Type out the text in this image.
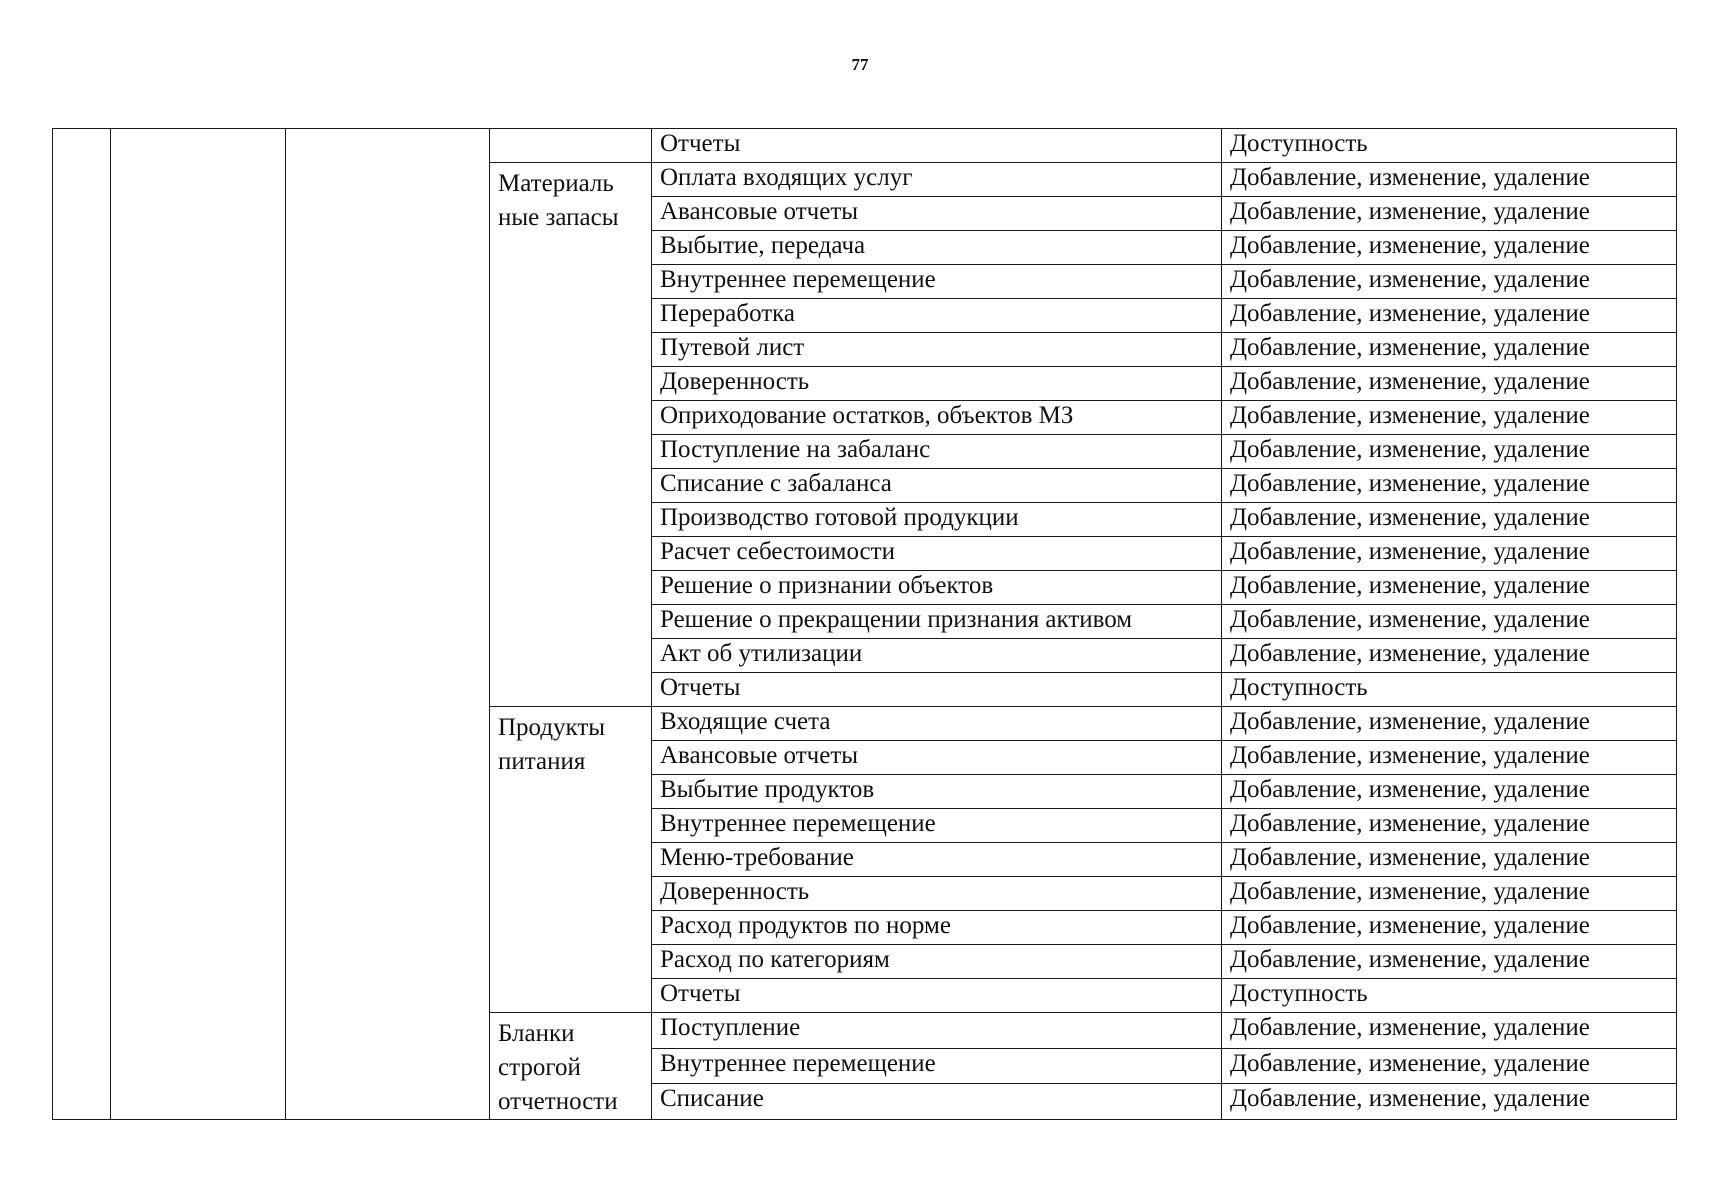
77
				Отчеты	Доступность
			Материаль ные запасы	Оплата входящих услуг	Добавление, изменение, удаление
				Авансовые отчеты	Добавление, изменение, удаление
				Выбытие, передача	Добавление, изменение, удаление
				Внутреннее перемещение	Добавление, изменение, удаление
				Переработка	Добавление, изменение, удаление
				Путевой лист	Добавление, изменение, удаление
				Доверенность	Добавление, изменение, удаление
				Оприходование остатков, объектов МЗ	Добавление, изменение, удаление
				Поступление на забаланс	Добавление, изменение, удаление
				Списание с забаланса	Добавление, изменение, удаление
				Производство готовой продукции	Добавление, изменение, удаление
				Расчет себестоимости	Добавление, изменение, удаление
				Решение о признании объектов	Добавление, изменение, удаление
				Решение о прекращении признания активом	Добавление, изменение, удаление
				Акт об утилизации	Добавление, изменение, удаление
				Отчеты	Доступность
			Продукты питания	Входящие счета	Добавление, изменение, удаление
				Авансовые отчеты	Добавление, изменение, удаление
				Выбытие продуктов	Добавление, изменение, удаление
				Внутреннее перемещение	Добавление, изменение, удаление
				Меню-требование	Добавление, изменение, удаление
				Доверенность	Добавление, изменение, удаление
				Расход продуктов по норме	Добавление, изменение, удаление
				Расход по категориям	Добавление, изменение, удаление
				Отчеты	Доступность
			Бланки строгой отчетности	Поступление	Добавление, изменение, удаление
				Внутреннее перемещение	Добавление, изменение, удаление
				Списание	Добавление, изменение, удаление
